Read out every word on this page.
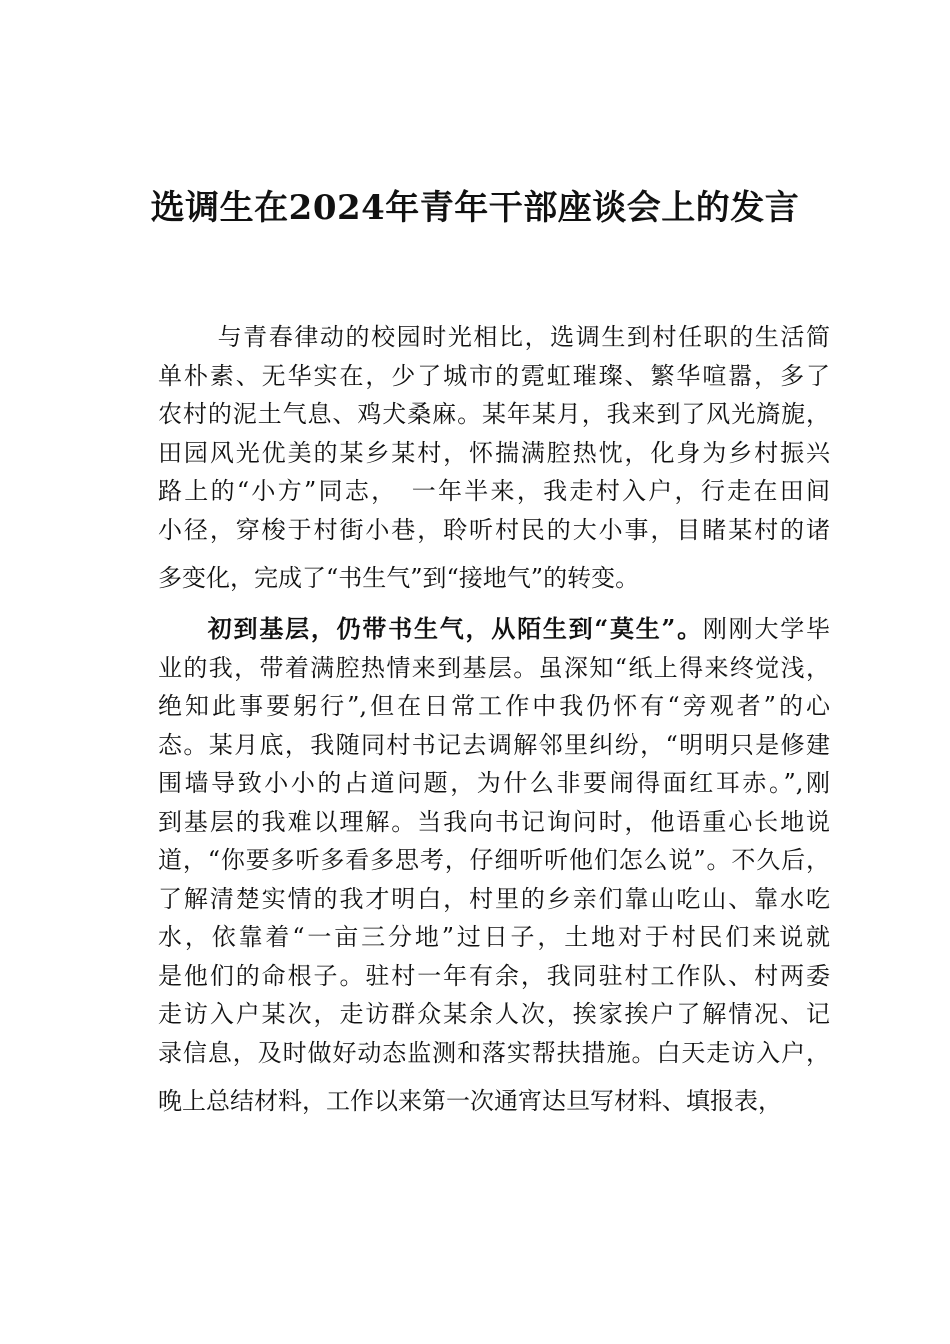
选调生在2024年青年干部座谈会上的发言
与青春律动的校园时光相比，选调生到村任职的生活简
单朴素、无华实在，少了城市的霓虹璀璨、繁华喧嚣，多了
农村的泥土气息、鸡犬桑麻。某年某月，我来到了风光旖旎，
田园风光优美的某乡某村，怀揣满腔热忱，化身为乡村振兴
路上的“小方”同志，　一年半来，我走村入户，行走在田间
小径，穿梭于村街小巷，聆听村民的大小事，目睹某村的诸
多变化，完成了“书生气”到“接地气”的转变。
初到基层，仍带书生气，从陌生到“莫生”。刚刚大学毕
业的我，带着满腔热情来到基层。虽深知“纸上得来终觉浅，
绝知此事要躬行”,但在日常工作中我仍怀有“旁观者”的心
态。某月底，我随同村书记去调解邻里纠纷，“明明只是修建
围墙导致小小的占道问题，为什么非要闹得面红耳赤。”,刚
到基层的我难以理解。当我向书记询问时，他语重心长地说
道，“你要多听多看多思考，仔细听听他们怎么说”。不久后，
了解清楚实情的我才明白，村里的乡亲们靠山吃山、靠水吃
水，依靠着“一亩三分地”过日子，土地对于村民们来说就
是他们的命根子。驻村一年有余，我同驻村工作队、村两委
走访入户某次，走访群众某余人次，挨家挨户了解情况、记
录信息，及时做好动态监测和落实帮扶措施。白天走访入户，
晚上总结材料，工作以来第一次通宵达旦写材料、填报表，
